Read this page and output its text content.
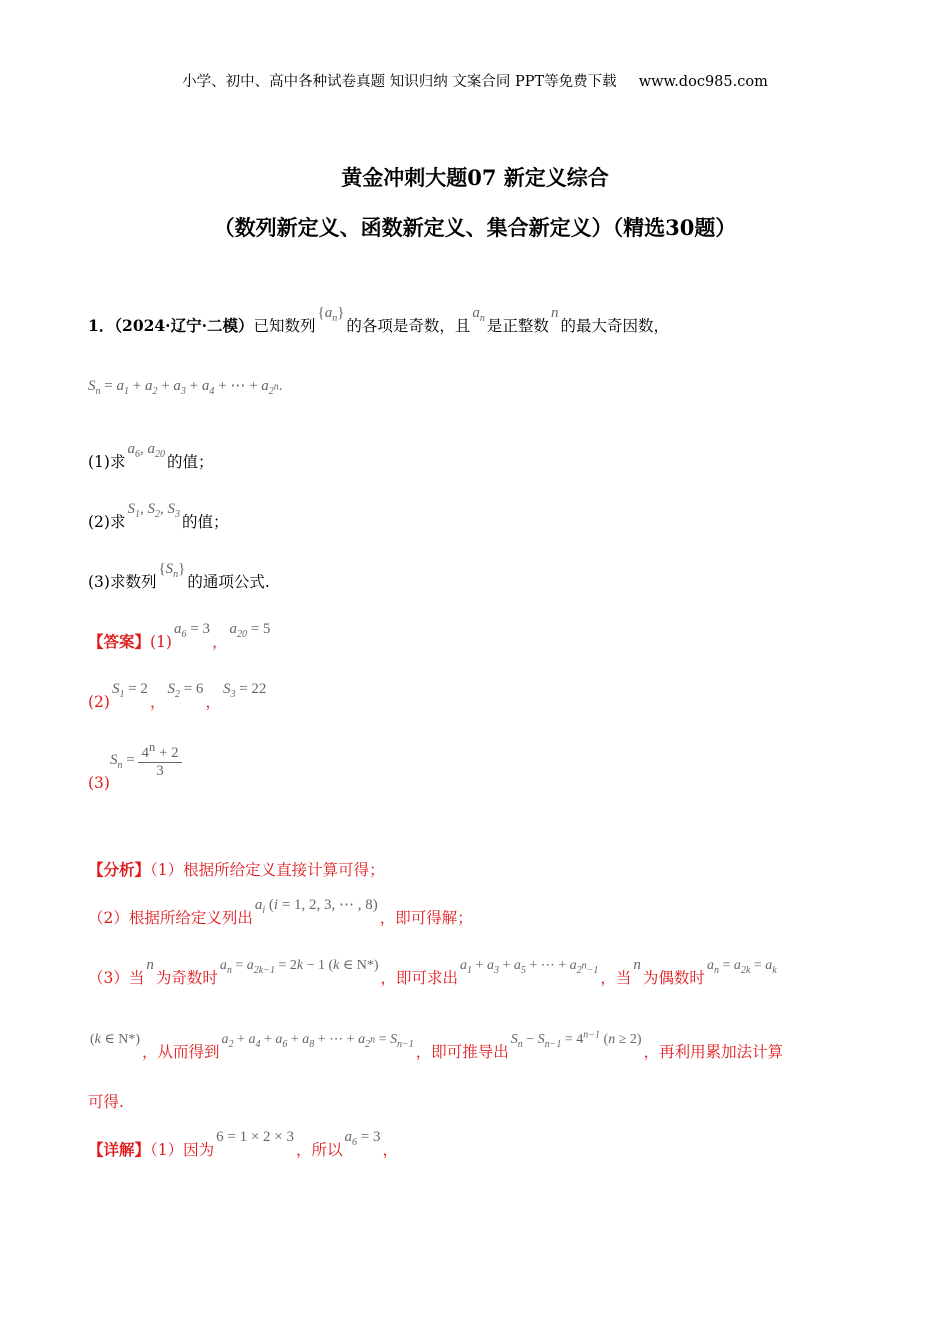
小学、初中、高中各种试卷真题 知识归纳 文案合同 PPT等免费下载 www.doc985.com
黄金冲刺大题07 新定义综合
（数列新定义、函数新定义、集合新定义）（精选30题）
1．（2024·辽宁·二模）已知数列$\{a_n\}$的各项是奇数，且$a_n$ 是正整数n的最大奇因数，
$S_n = a_1 + a_2 + a_3 + a_4$ + ⋯ + $a_{2^n}$.
(1)求$a_6$, $a_{20}$ 的值；
(2)求$S_1$, $S_2$, $S_3$ 的值；
(3)求数列$\{S_n\}$的通项公式.
【答案】$(1)a_6 = 3$，$a_{20} = 5$
$(2)S_1 = 2$，$S_2 = 6$，$S_3 = 22$
$(3)S_n = \frac{4^n + 2}{3}$
【分析】（1）根据所给定义直接计算可得；
（2）根据所给定义列出$a_i$ (i = 1, 2, 3, ⋯ , 8)，即可得解；
（3）当n为奇数时$a_n = a_{2k-1} = 2k - 1$ (k ∈ N*)，即可求出$a_1 + a_3 + a_5$ + ⋯ + $a_{2^n-1}$ ，当n为偶数时$a_n = a_{2k} = a_k$
(k ∈ N*)，从而得到$a_2 + a_4 + a_6 + a_8$ + ⋯ + $a_{2^n} = S_{n-1}$ ，即可推导出$S_n - S_{n-1} = 4^{n-1}$ (n ≥ 2)，再利用累加法计算
可得.
【详解】（1）因为6 = 1 × 2 × 3，所以$a_6 = 3$，
